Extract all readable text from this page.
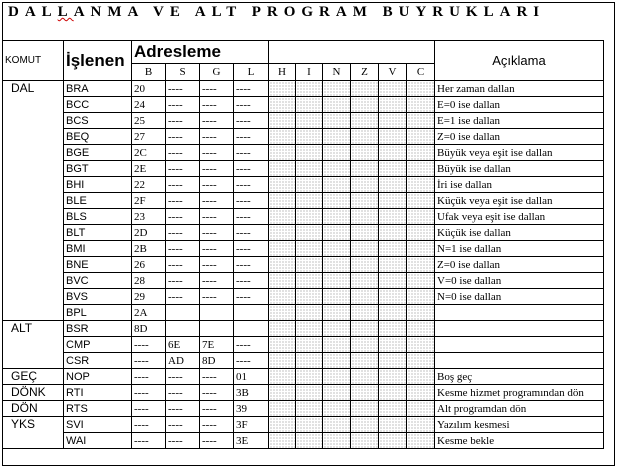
DALLANMA VE ALT PROGRAM BUYRUKLARI
KOMUT	İşlenen	Adresleme										Açıklama
		B	S	G	L	H	I	N	Z	V	C	
DAL	BRA	20	----	----	----							Her zaman dallan
	BCC	24	----	----	----							E=0 ise dallan
	BCS	25	----	----	----							E=1 ise dallan
	BEQ	27	----	----	----							Z=0 ise dallan
	BGE	2C	----	----	----							Büyük veya eşit ise dallan
	BGT	2E	----	----	----							Büyük ise dallan
	BHI	22	----	----	----							İri ise dallan
	BLE	2F	----	----	----							Küçük veya eşit ise dallan
	BLS	23	----	----	----							Ufak veya eşit ise dallan
	BLT	2D	----	----	----							Küçük ise dallan
	BMI	2B	----	----	----							N=1 ise dallan
	BNE	26	----	----	----							Z=0 ise dallan
	BVC	28	----	----	----							V=0 ise dallan
	BVS	29	----	----	----							N=0 ise dallan
	BPL	2A										
ALT	BSR	8D										
	CMP	----	6E	7E	----							
	CSR	----	AD	8D	----							
GEÇ	NOP	----	----	----	01							Boş geç
DÖNK	RTI	----	----	----	3B							Kesme hizmet programından dön
DÖN	RTS	----	----	----	39							Alt programdan dön
YKS	SVI	----	----	----	3F							Yazılım kesmesi
	WAI	----	----	----	3E							Kesme bekle
